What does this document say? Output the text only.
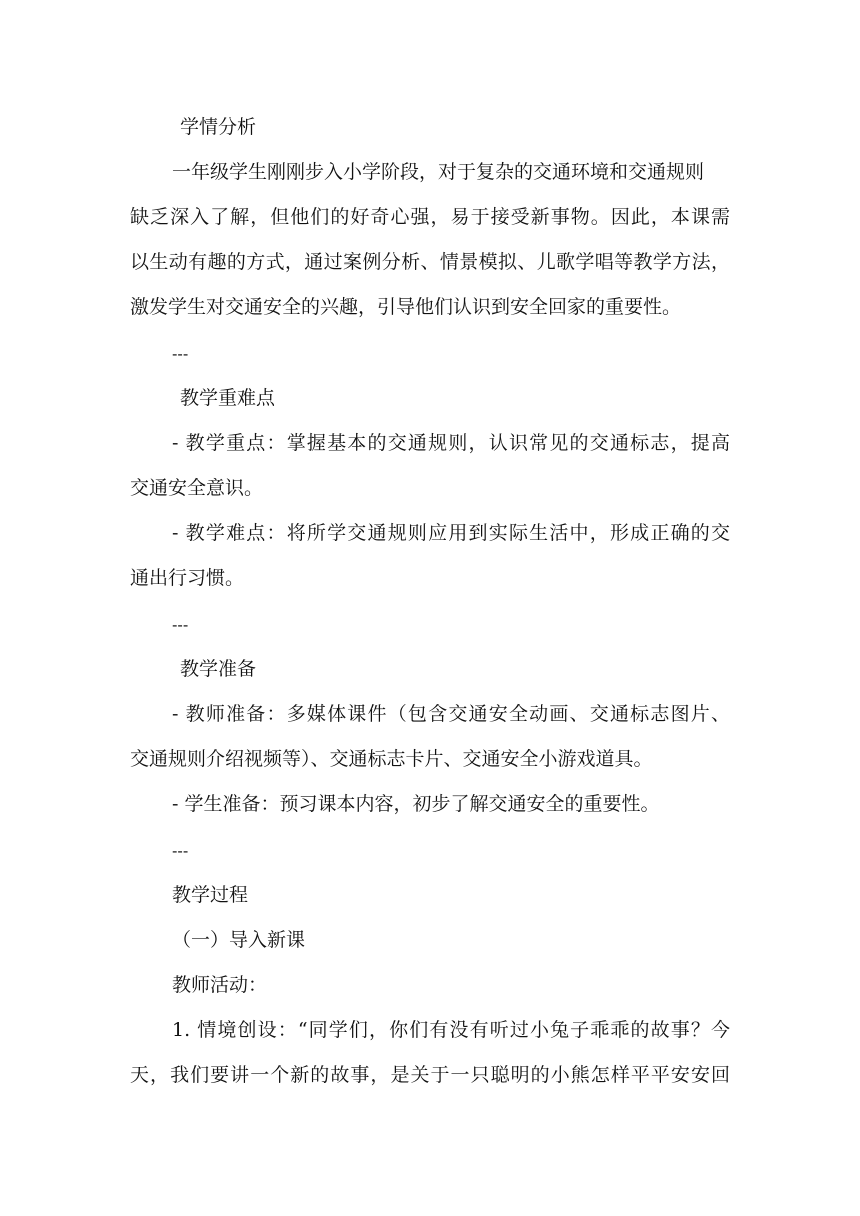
学情分析
一年级学生刚刚步入小学阶段，对于复杂的交通环境和交通规则
缺乏深入了解，但他们的好奇心强，易于接受新事物。因此，本课需
以生动有趣的方式，通过案例分析、情景模拟、儿歌学唱等教学方法，
激发学生对交通安全的兴趣，引导他们认识到安全回家的重要性。
---
教学重难点
- 教学重点：掌握基本的交通规则，认识常见的交通标志，提高
交通安全意识。
- 教学难点：将所学交通规则应用到实际生活中，形成正确的交
通出行习惯。
---
教学准备
- 教师准备：多媒体课件（包含交通安全动画、交通标志图片、
交通规则介绍视频等）、交通标志卡片、交通安全小游戏道具。
- 学生准备：预习课本内容，初步了解交通安全的重要性。
---
教学过程
（一）导入新课
教师活动：
1. 情境创设：“同学们，你们有没有听过小兔子乖乖的故事？今
天，我们要讲一个新的故事，是关于一只聪明的小熊怎样平平安安回
